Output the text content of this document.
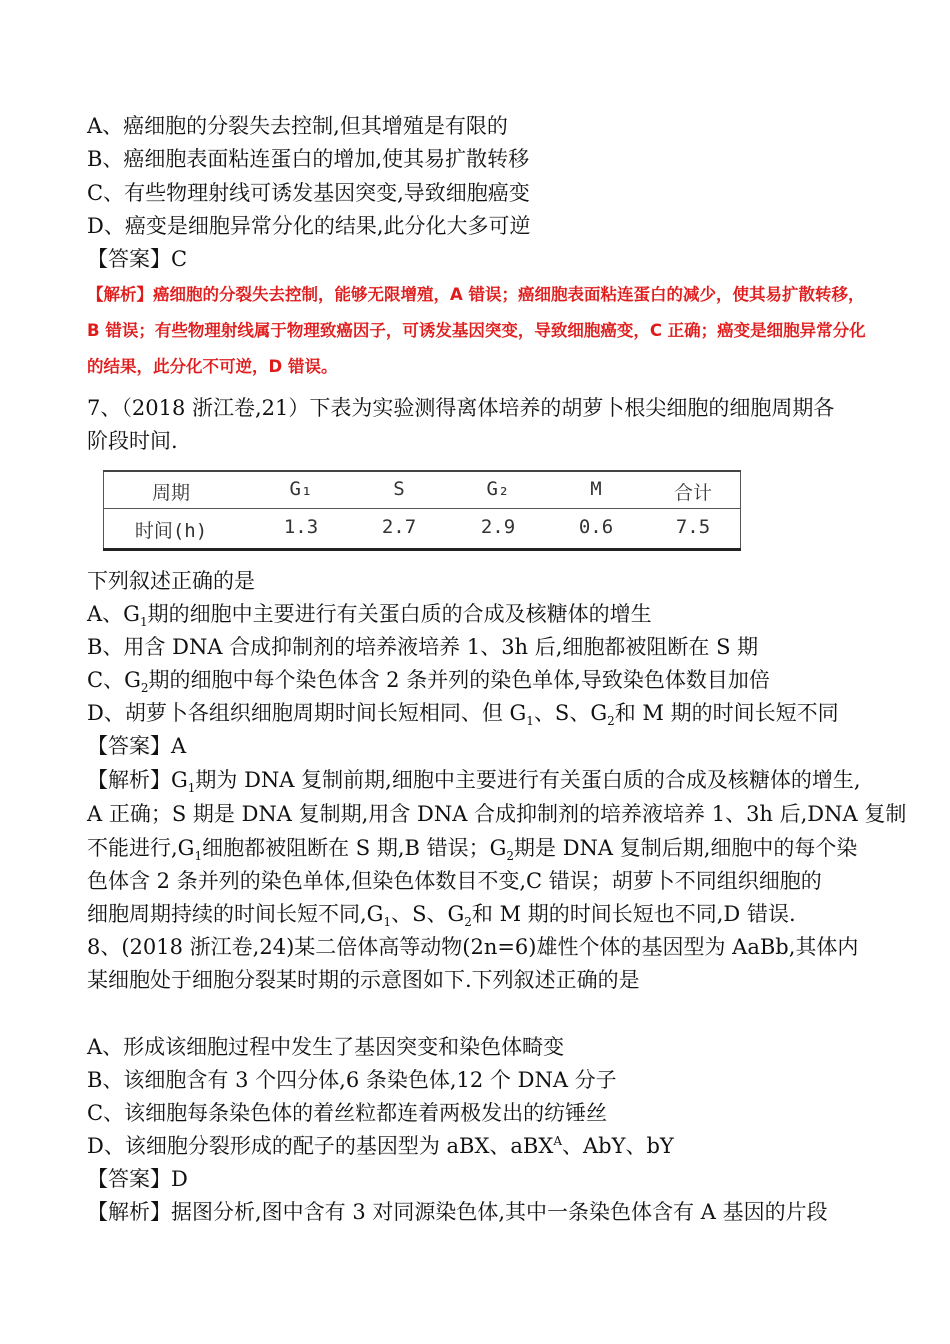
A、癌细胞的分裂失去控制,但其增殖是有限的
B、癌细胞表面粘连蛋白的增加,使其易扩散转移
C、有些物理射线可诱发基因突变,导致细胞癌变
D、癌变是细胞异常分化的结果,此分化大多可逆
【答案】C
【解析】癌细胞的分裂失去控制，能够无限增殖，A 错误；癌细胞表面粘连蛋白的减少，使其易扩散转移，
B 错误；有些物理射线属于物理致癌因子，可诱发基因突变，导致细胞癌变，C 正确；癌变是细胞异常分化
的结果，此分化不可逆，D 错误。
7、（2018 浙江卷,21）下表为实验测得离体培养的胡萝卜根尖细胞的细胞周期各
阶段时间.
周期	G₁	S	G₂	M	合计
时间(h)	1.3	2.7	2.9	0.6	7.5
下列叙述正确的是
A、$G_1$期的细胞中主要进行有关蛋白质的合成及核糖体的增生
B、用含 DNA 合成抑制剂的培养液培养 1、3h 后,细胞都被阻断在 S 期
C、$G_2$期的细胞中每个染色体含 2 条并列的染色单体,导致染色体数目加倍
D、胡萝卜各组织细胞周期时间长短相同、但 $G_1$、S、$G_2$和 M 期的时间长短不同
【答案】A
【解析】$G_1$期为 DNA 复制前期,细胞中主要进行有关蛋白质的合成及核糖体的增生,
A 正确；S 期是 DNA 复制期,用含 DNA 合成抑制剂的培养液培养 1、3h 后,DNA 复制
不能进行$,G_1$细胞都被阻断在 S 期,B 错误；$G_2$期是 DNA 复制后期,细胞中的每个染
色体含 2 条并列的染色单体,但染色体数目不变,C 错误；胡萝卜不同组织细胞的
细胞周期持续的时间长短不同$,G_1$、S、$G_2$和 M 期的时间长短也不同,D 错误.
8、(2018 浙江卷,24)某二倍体高等动物(2n=6)雄性个体的基因型为 AaBb,其体内
某细胞处于细胞分裂某时期的示意图如下.下列叙述正确的是
A、形成该细胞过程中发生了基因突变和染色体畸变
B、该细胞含有 3 个四分体,6 条染色体,12 个 DNA 分子
C、该细胞每条染色体的着丝粒都连着两极发出的纺锤丝
D、该细胞分裂形成的配子的基因型为 aBX、aBX$^A$、AbY、bY
【答案】D
【解析】据图分析,图中含有 3 对同源染色体,其中一条染色体含有 A 基因的片段
